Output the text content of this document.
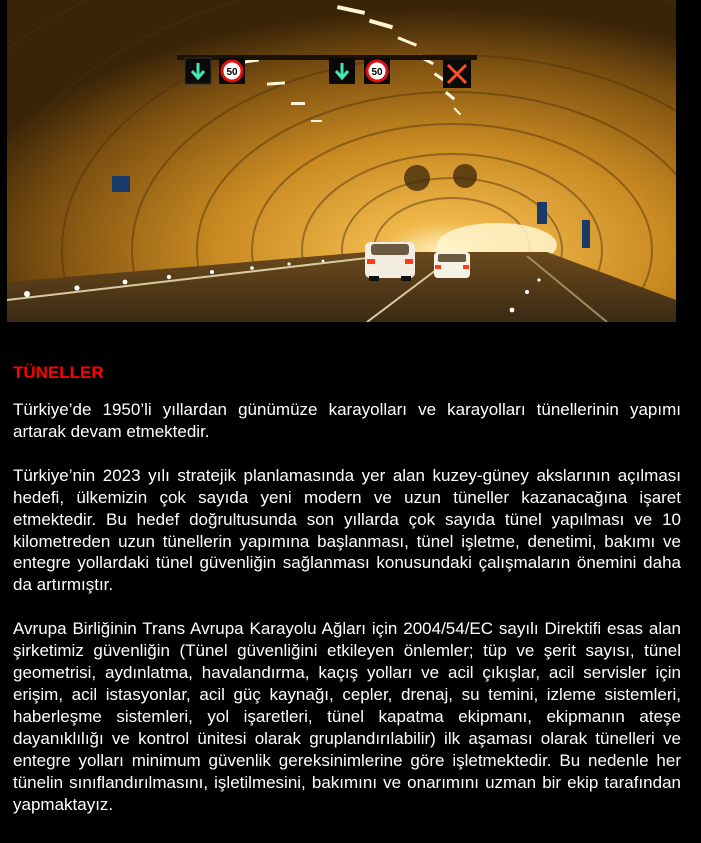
50	50
TÜNELLER

Türkiye’de 1950’li yıllardan günümüze karayolları ve karayolları tünellerinin yapımı artarak devam etmektedir.

Türkiye’nin 2023 yılı stratejik planlamasında yer alan kuzey-güney akslarının açılması hedefi, ülkemizin çok sayıda yeni modern ve uzun tüneller kazanacağına işaret etmektedir. Bu hedef doğrultusunda son yıllarda çok sayıda tünel yapılması ve 10 kilometreden uzun tünellerin yapımına başlanması, tünel işletme, denetimi, bakımı ve entegre yollardaki tünel güvenliğin sağlanması konusundaki çalışmaların önemini daha da artırmıştır.

Avrupa Birliğinin Trans Avrupa Karayolu Ağları için 2004/54/EC sayılı Direktifi esas alan şirketimiz güvenliğin (Tünel güvenliğini etkileyen önlemler; tüp ve şerit sayısı, tünel geometrisi, aydınlatma, havalandırma, kaçış yolları ve acil çıkışlar, acil servisler için erişim, acil istasyonlar, acil güç kaynağı, cepler, drenaj, su temini, izleme sistemleri, haberleşme sistemleri, yol işaretleri, tünel kapatma ekipmanı, ekipmanın ateşe dayanıklılığı ve kontrol ünitesi olarak gruplandırılabilir) ilk aşaması olarak tünelleri ve entegre yolları minimum güvenlik gereksinimlerine göre işletmektedir. Bu nedenle her tünelin sınıflandırılmasını, işletilmesini, bakımını ve onarımını uzman bir ekip tarafından yapmaktayız.
